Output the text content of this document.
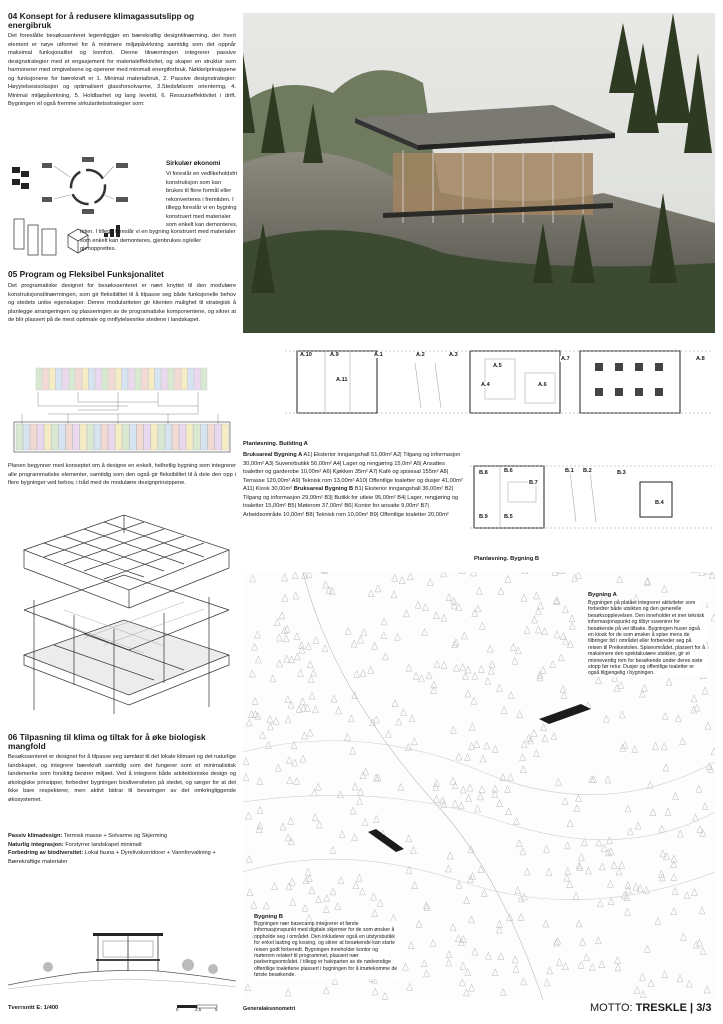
04 Konsept for å redusere klimagassutslipp og energibruk
Det foreslåtte besøkssenteret legemliggjør en bærekraftig designtilnærming, der hvert element er nøye utformet for å minimere miljøpåvirkning samtidig som det oppnår maksimal funksjonalitet og komfort. Denne tilnærmingen integrerer passive designstrategier med et engasjement for materialeffektivitet, og skaper en struktur som harmonerer med omgivelsene og opererer med minimalt energiforbruk. Nøkkelprinsippene og funksjonene for bærekraft er 1. Minimal materialbruk, 2. Passive designstrategier: Høyytelsesisolasjon og optimalisert glassforsolvarme, 3.Stedsfølsom orientering, 4. Minimal miljøpåvirkning, 5. Holdbarhet og lang levetid, 6. Ressurseffektivitet i drift. Bygningen vil også fremme sirkularitetsstrategier som:
Sirkulær økonomi
Vi foreslår en vedlikeholdsfri konstruksjon som kan brukes til flere formål eller rekonverteres i fremtiden. I tillegg foreslår vi en bygning konstruert med materialer som enkelt kan demonteres,
tiden. I tillegg foreslår vi en bygning konstruert med materialer som enkelt kan demonteres, gjenbrukes og/eller gjenopprettes.
05 Program og Fleksibel Funksjonalitet
Det programatiske designet for besøkssenteret er nært knyttet til den modulære konstruksjonstilnærmingen, som gir fleksibilitet til å tilpasse seg både funksjonelle behov og stedets unike egenskaper. Denne modulariteten gir klienten mulighet til strategisk å planlegge arrangeringen og plasseringen av de programatiske komponentene, og sikrer at de blir plassert på de mest optimale og innflytelsesrike stedene i landskapet.
Planen begynner med konseptet om å designe en enkelt, helhetlig bygning som integrerer alle programmatiske elementer, samtidig som den også gir fleksibilitet til å dele den opp i flere bygninger ved behov, i tråd med de modulære designprinsippene.
06 Tilpasning til klima og tiltak for å øke biologisk mangfold
Besøkssenteret er designet for å tilpasse seg sømløst til det lokale klimaet og det naturlige landskapet, og integrere bærekraft samtidig som det fungerer som et minimalistisk landemerke som forsiktig berører miljøet. Ved å integrere både arkitektoniske design og økologiske prinsipper, forbedrer bygningen biodiversiteten på stedet, og sørger for at det ikke bare respekterer, men aktivt bidrar til bevaringen av det omkringliggende økosystemet.
Passiv klimadesign: Termisk masse + Solvarme og Skjerming
Naturlig integrasjon: Forstyrrer landskapet minimalt
Forbedring av biodiversitet: Lokal fauna + Dyrelivskorridorer + Vannforvaltning + Bærekraftige materialer
Tverrsnitt E: 1/400	0	2,5	5
A.10	A.9	A.1
A.11
A.2	A.3
A.5
A.4	A.6
A.7	A.8
Planløsning. Building A
Bruksareal Bygning A A1| Eksterior inngangshall 51,00m² A2| Tilgang og informasjon 30,00m² A3| Suvenirbutikk 56,00m² A4| Lager og rengjøring 15,0m² A5| Ansattes toaletter og garderobe 10,00m² A6| Kjøkken 35m² A7| Kafé og spisesal 155m² A8| Terrasse 120,00m² A9| Teknisk rom 13,00m² A10| Offentlige toaletter og dusjer 41,00m² A11| Kiosk 30,00m² Bruksareal Bygning B B1| Eksterior inngangshall 36,00m² B2| Tilgang og informasjon 29,00m² B3| Butikk for utleie 95,00m² B4| Lager, rengjøring og toaletter 15,00m² B5| Møterom 37,00m² B6| Kontor for ansatte 9,00m² B7| Arbeidsområde 10,00m² B8| Teknisk rom 10,00m² B9| Offentlige toaletter 20,00m²
B.8	B.6
B.7
B.9	B.5
B.1 B.2	B.3
B.4
Planløsning. Bygning B
Bygning A
Bygningen på platået integrerer aktiviteter som forbedrer både utsikten og den generelle besøksopplevelsen. Den inneholder et mer teknisk informasjonspunkt og tilbyr suvenirer for besøkende på vei tilbake. Bygningen huser også en kiosk for de som ønsker å spise mens de tilbringer tid i området eller forbereder seg på reisen til Preikestolen. Spiseområdet, plassert for å maksimere den spektakulære utsikten, gir et minneverdig rom for besøkende under deres siste stopp før retur. Dusjer og offentlige toaletter er også tilgjengelig i bygningen.
Bygning B
Bygningen nær basecamp integrerer et første informasjonspunkt med digitale skjermer for de som ønsker å oppholde seg i området. Den inkluderer også en utstyrsbutikk for enkel lasting og lossing, og sikrer at besøkende kan starte reisen godt forberedt. Bygningen inneholder kontor og møterom relatert til programmet, plassert nær parkeringsområdet. I tillegg er halvparten av de nødvendige offentlige toalettene plassert i bygningen for å imøtekomme de første besøkende.
Generalaksonometri	MOTTO: TRESKLE | 3/3
